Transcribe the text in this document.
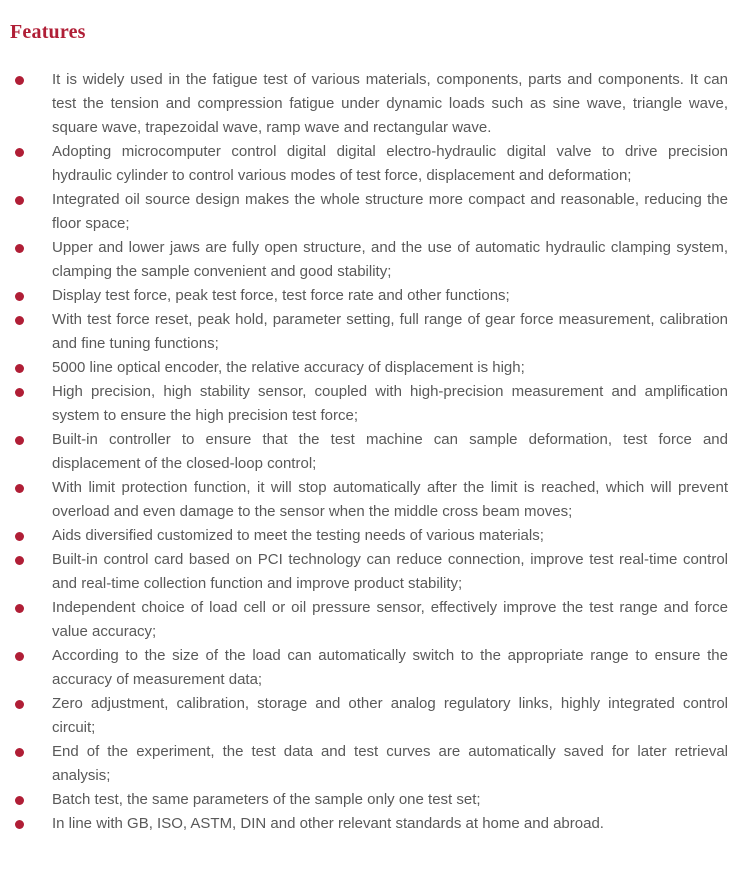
Features

It is widely used in the fatigue test of various materials, components, parts and components. It can test the tension and compression fatigue under dynamic loads such as sine wave, triangle wave, square wave, trapezoidal wave, ramp wave and rectangular wave.

Adopting microcomputer control digital digital electro-hydraulic digital valve to drive precision hydraulic cylinder to control various modes of test force, displacement and deformation;

Integrated oil source design makes the whole structure more compact and reasonable, reducing the floor space;

Upper and lower jaws are fully open structure, and the use of automatic hydraulic clamping system, clamping the sample convenient and good stability;

Display test force, peak test force, test force rate and other functions;

With test force reset, peak hold, parameter setting, full range of gear force measurement, calibration and fine tuning functions;

5000 line optical encoder, the relative accuracy of displacement is high;

High precision, high stability sensor, coupled with high-precision measurement and amplification system to ensure the high precision test force;

Built-in controller to ensure that the test machine can sample deformation, test force and displacement of the closed-loop control;

With limit protection function, it will stop automatically after the limit is reached, which will prevent overload and even damage to the sensor when the middle cross beam moves;

Aids diversified customized to meet the testing needs of various materials;

Built-in control card based on PCI technology can reduce connection, improve test real-time control and real-time collection function and improve product stability;

Independent choice of load cell or oil pressure sensor, effectively improve the test range and force value accuracy;

According to the size of the load can automatically switch to the appropriate range to ensure the accuracy of measurement data;

Zero adjustment, calibration, storage and other analog regulatory links, highly integrated control circuit;

End of the experiment, the test data and test curves are automatically saved for later retrieval analysis;

Batch test, the same parameters of the sample only one test set;

In line with GB, ISO, ASTM, DIN and other relevant standards at home and abroad.
